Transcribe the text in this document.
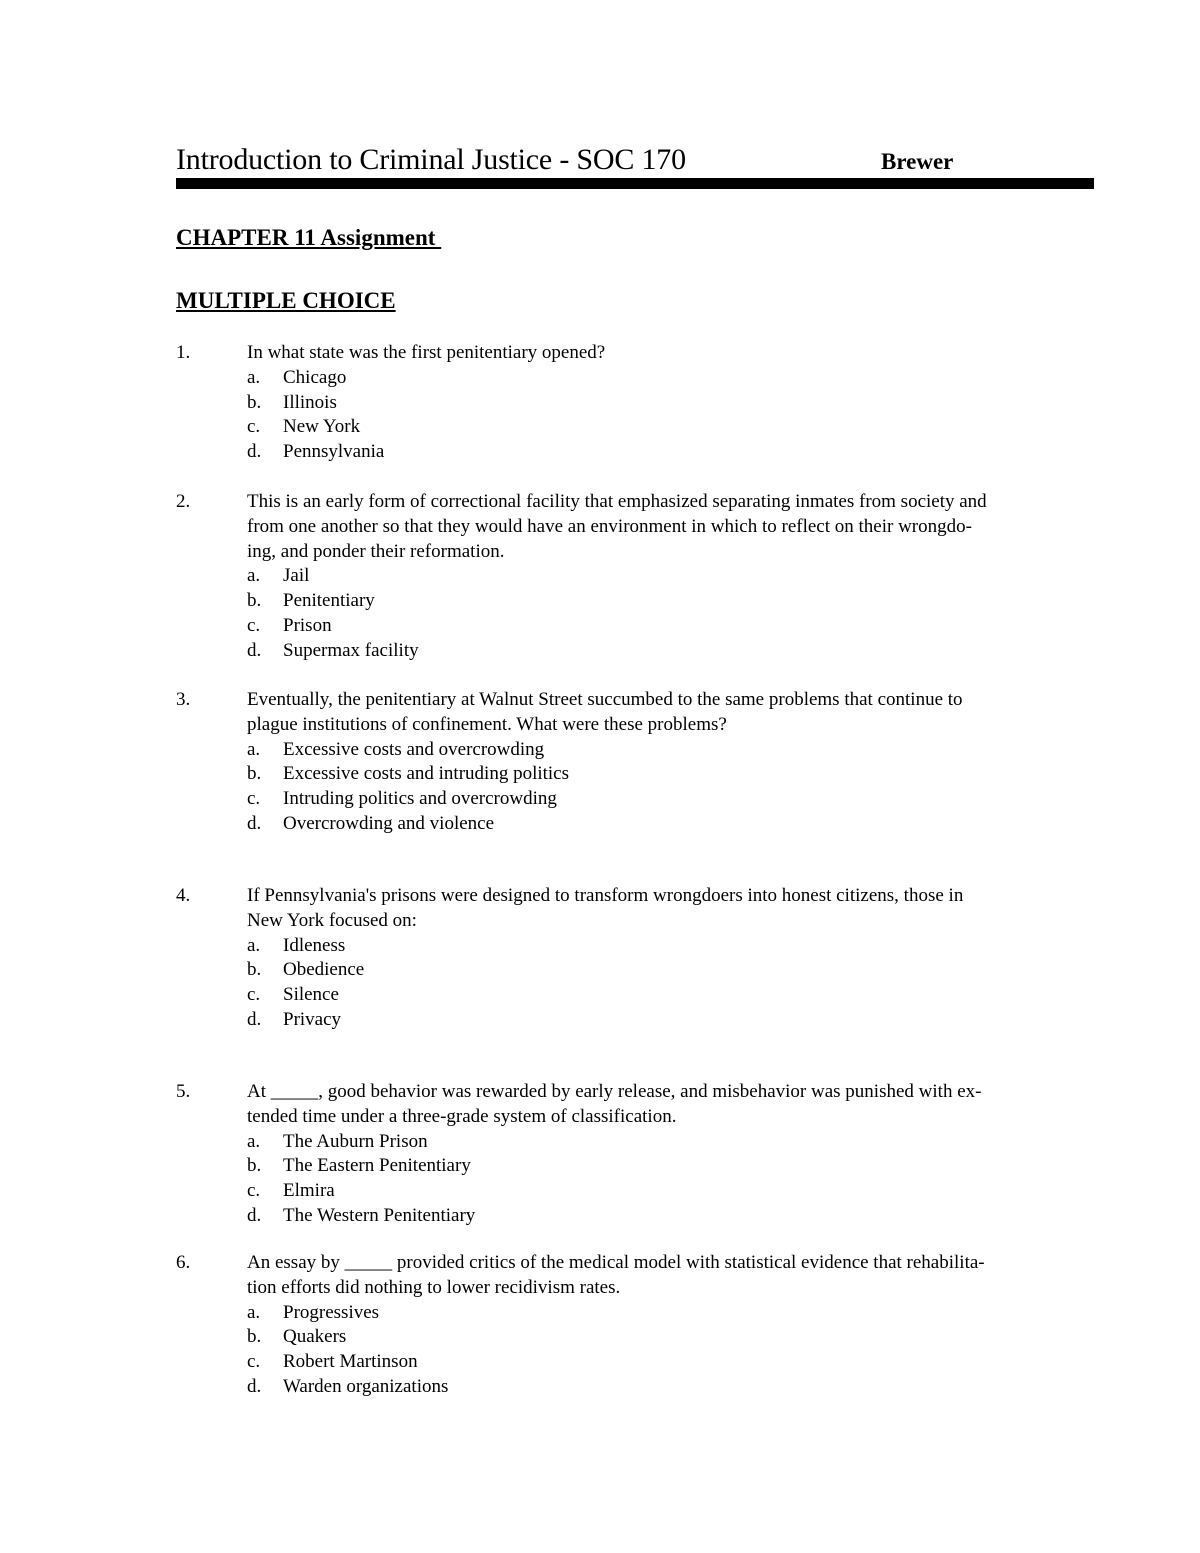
Introduction to Criminal Justice - SOC 170	Brewer
CHAPTER 11 Assignment
MULTIPLE CHOICE
1.	In what state was the first penitentiary opened?
a. Chicago
b. Illinois
c. New York
d. Pennsylvania
2.	This is an early form of correctional facility that emphasized separating inmates from society and
from one another so that they would have an environment in which to reflect on their wrongdo-
ing, and ponder their reformation.
a. Jail
b. Penitentiary
c. Prison
d. Supermax facility
3.	Eventually, the penitentiary at Walnut Street succumbed to the same problems that continue to
plague institutions of confinement. What were these problems?
a. Excessive costs and overcrowding
b. Excessive costs and intruding politics
c. Intruding politics and overcrowding
d. Overcrowding and violence
4.	If Pennsylvania's prisons were designed to transform wrongdoers into honest citizens, those in
New York focused on:
a. Idleness
b. Obedience
c. Silence
d. Privacy
5.	At _____, good behavior was rewarded by early release, and misbehavior was punished with ex-
tended time under a three-grade system of classification.
a. The Auburn Prison
b. The Eastern Penitentiary
c. Elmira
d. The Western Penitentiary
6.	An essay by _____ provided critics of the medical model with statistical evidence that rehabilita-
tion efforts did nothing to lower recidivism rates.
a. Progressives
b. Quakers
c. Robert Martinson
d. Warden organizations
